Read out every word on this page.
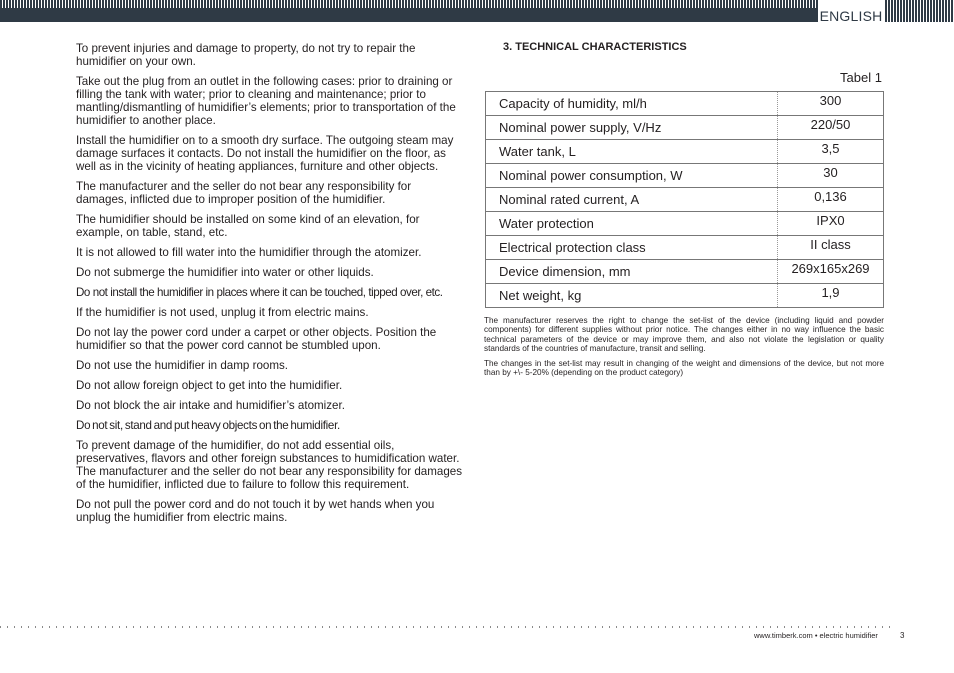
ENGLISH

To prevent injuries and damage to property, do not try to repair the humidifier on your own.

Take out the plug from an outlet in the following cases: prior to draining or filling the tank with water; prior to cleaning and maintenance; prior to mantling/dismantling of humidifier’s elements; prior to transportation of the humidifier to another place.

Install the humidifier on to a smooth dry surface. The outgoing steam may damage surfaces it contacts. Do not install the humidifier on the floor, as well as in the vicinity of heating appliances, furniture and other objects.

The manufacturer and the seller do not bear any responsibility for damages, inflicted due to improper position of the humidifier.

The humidifier should be installed on some kind of an elevation, for example, on table, stand, etc.

It is not allowed to fill water into the humidifier through the atomizer.

Do not submerge the humidifier into water or other liquids.

Do not install the humidifier in places where it can be touched, tipped over, etc.

If the humidifier is not used, unplug it from electric mains.

Do not lay the power cord under a carpet or other objects. Position the humidifier so that the power cord cannot be stumbled upon.

Do not use the humidifier in damp rooms.

Do not allow foreign object to get into the humidifier.

Do not block the air intake and humidifier’s atomizer.

Do not sit, stand and put heavy objects on the humidifier.

To prevent damage of the humidifier, do not add essential oils, preservatives, flavors and other foreign substances to humidification water. The manufacturer and the seller do not bear any responsibility for damages of the humidifier, inflicted due to failure to follow this requirement.

Do not pull the power cord and do not touch it by wet hands when you unplug the humidifier from electric mains.

3. TECHNICAL CHARACTERISTICS
Tabel 1
Capacity of humidity, ml/h	300
Nominal power supply, V/Hz	220/50
Water tank, L	3,5
Nominal power consumption, W	30
Nominal rated current, A	0,136
Water protection	IPX0
Electrical protection class	II class
Device dimension, mm	269x165x269
Net weight, kg	1,9

The manufacturer reserves the right to change the set-list of the device (including liquid and powder components) for different supplies without prior notice. The changes either in no way influence the basic technical parameters of the device or may improve them, and also not violate the legislation or quality standards of the countries of manufacture, transit and selling.

The changes in the set-list may result in changing of the weight and dimensions of the device, but not more than by +\- 5-20% (depending on the product category)

www.timberk.com • electric humidifier	3
